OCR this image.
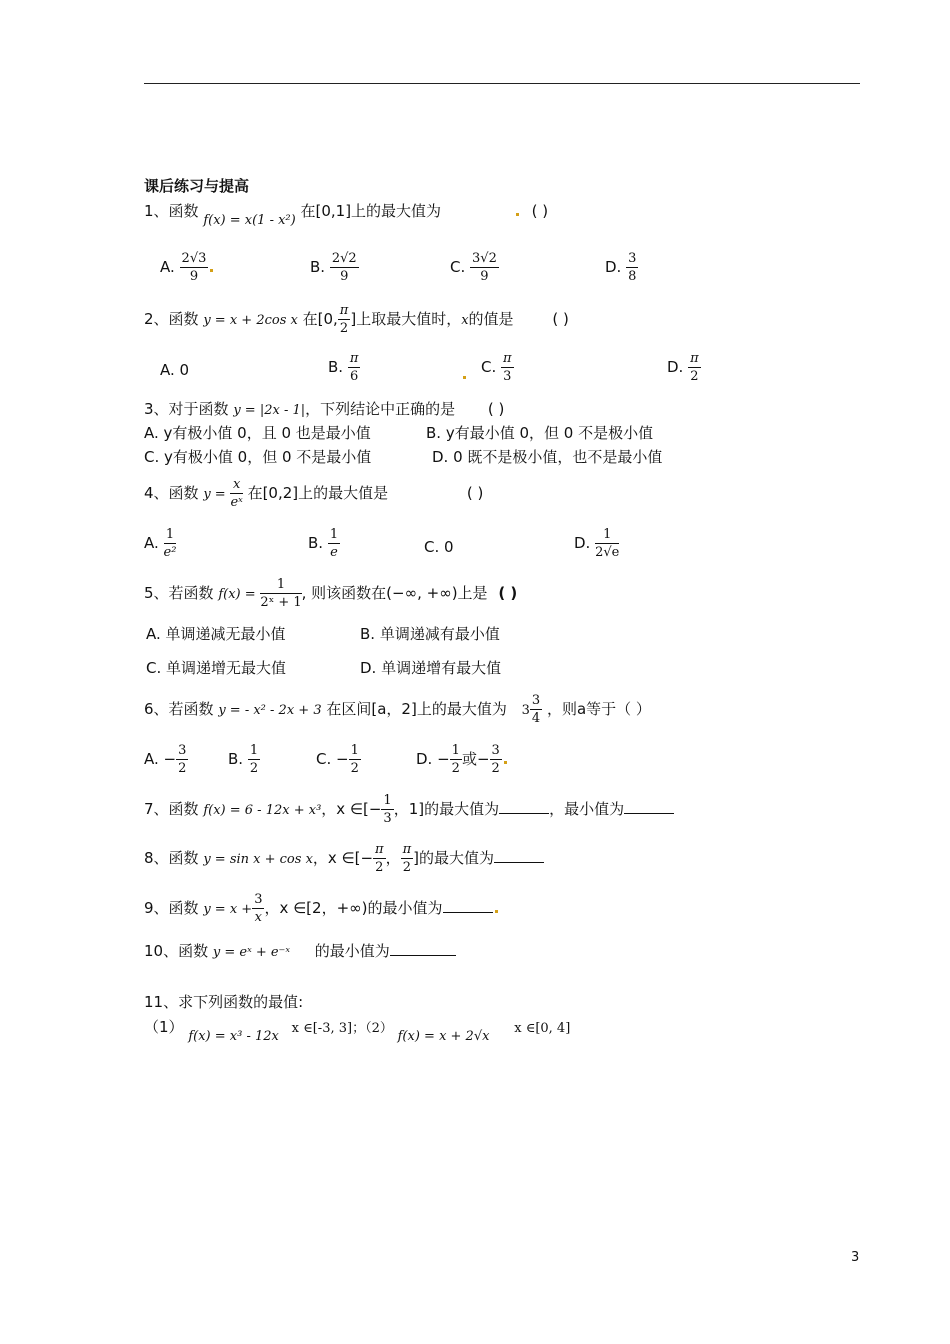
课后练习与提高
1、函数 f(x) = x(1 - x²) 在[0,1]上的最大值为	( )
A. $\frac{2√3}{9}$	B. $\frac{2√2}{9}$	C. $\frac{3√2}{9}$	D. $\frac{3}{8}$
2、函数 y = x + 2cos x 在[0, $\frac{\pi}{2}$ ]上取最大值时，x的值是	( )
A. 0	B. $\frac{\pi}{6}$	C. $\frac{\pi}{3}$	D. $\frac{\pi}{2}$
3、对于函数 y = |2x - 1|，下列结论中正确的是 ( )
A. y有极小值 0，且 0 也是最小值	B. y有最小值 0，但 0 不是极小值
C. y有极小值 0，但 0 不是最小值	D. 0 既不是极小值，也不是最小值
4、函数 $y = \frac{x}{\text{eˣ}}$ 在[0,2]上的最大值是	( )
A. $\frac{1}{\text{e²}}$	B. $\frac{1}{e}$	C. 0	D. $\frac{1}{2√e}$
5、若函数 $f(x) = \frac{1}{\text{2ˣ + 1}}$ , 则该函数在(−∞, +∞)上是 ( )
A. 单调递减无最小值	B. 单调递减有最小值
C. 单调递增无最大值	D. 单调递增有最大值
6、若函数 y = - x² - 2x + 3 在区间[a，2]上的最大值为 $3 \frac{3}{4}$ ，则a等于（ ）
A. − $\frac{3}{2}$	B. $\frac{1}{2}$	C. − $\frac{1}{2}$	D. − $\frac{1}{2}$ 或− $\frac{3}{2}$
7、函数 f(x) = 6 - 12x + x³，x ∈[− $\frac{1}{3}$ ，1]的最大值为	，最小值为
8、函数 y = sin x + cos x，x ∈[− $\frac{\pi}{2}$ ， $\frac{\pi}{2}$ ]的最大值为
9、函数 $y = x + \frac{3}{x}$ ，x ∈[2，+∞)的最小值为
10、函数 y = eˣ + e⁻ˣ 的最小值为
11、求下列函数的最值:
（1） f(x) = x³ - 12x x ∈[-3, 3]；（2） f(x) = x + 2√x x ∈[0, 4]
3
